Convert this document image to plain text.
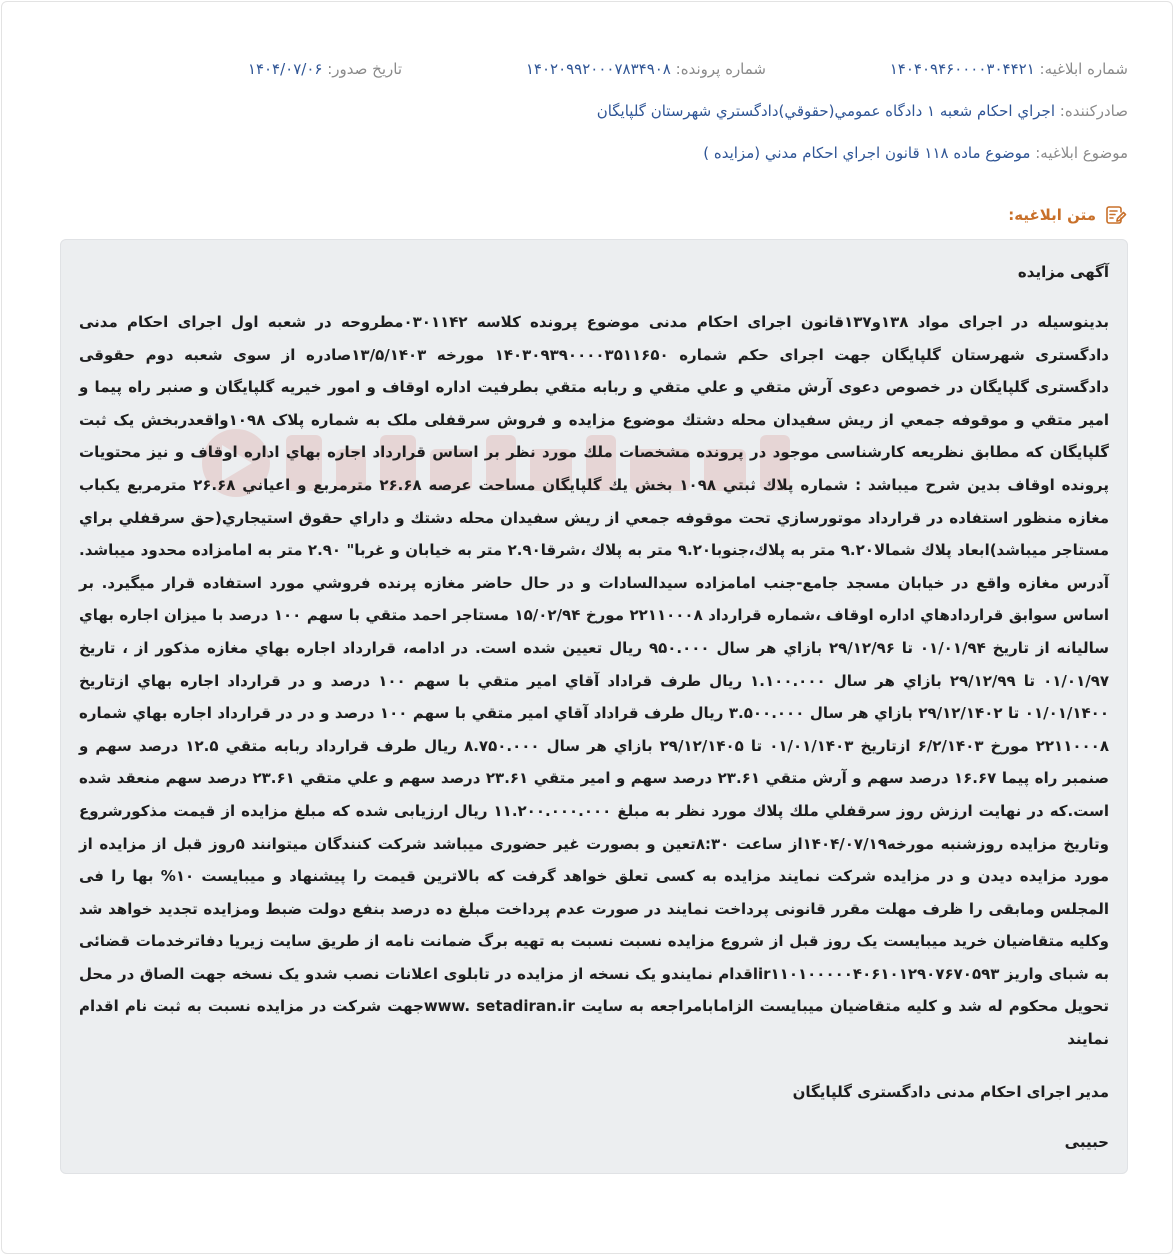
شماره ابلاغیه: ۱۴۰۴۰۹۴۶۰۰۰۰۳۰۴۴۲۱
شماره پرونده: ۱۴۰۲۰۹۹۲۰۰۰۷۸۳۴۹۰۸
تاریخ صدور: ۱۴۰۴/۰۷/۰۶
صادرکننده: اجراي احكام شعبه ۱ دادگاه عمومي(حقوقي)دادگستري شهرستان گلپايگان
موضوع ابلاغیه: موضوع ماده ۱۱۸ قانون اجراي احكام مدني (مزايده )
متن ابلاغیه:

آگهی مزایده

بدینوسیله در اجرای مواد ۱۳۸و۱۳۷قانون اجرای احکام مدنی موضوع پرونده کلاسه ۰۳۰۱۱۴۲مطروحه در شعبه اول اجرای احکام مدنی دادگستری شهرستان گلپایگان جهت اجرای حکم شماره ۱۴۰۳۰۹۳۹۰۰۰۰۳۵۱۱۶۵۰ مورخه ۱۳/۵/۱۴۰۳صادره از سوی شعبه دوم حقوقی دادگستری گلپایگان در خصوص دعوی آرش متقي و علي متقي و ربابه متقي بطرفيت اداره اوقاف و امور خيريه گلپايگان و صنبر راه پيما و امير متقي و موقوفه جمعي از ريش سفيدان محله دشتك موضوع مزایده و فروش سرقفلی ملک به شماره پلاک ۱۰۹۸واقعدربخش یک ثبت گلپایگان که مطابق نظریعه کارشناسی موجود در پرونده مشخصات ملك مورد نظر بر اساس قرارداد اجاره بهاي اداره اوقاف و نيز محتويات پرونده اوقاف بدين شرح ميباشد : شماره پلاك ثبتي ۱۰۹۸ بخش يك گلپايگان مساحت عرصه ۲۶.۶۸ مترمربع و اعياني ۲۶.۶۸ مترمربع يكباب مغازه منظور استفاده در قرارداد موتورسازي تحت موقوفه جمعي از ريش سفيدان محله دشتك و داراي حقوق استيجاري(حق سرقفلي براي مستاجر ميباشد)ابعاد پلاك شمالا۹.۲۰ متر به پلاك،جنوبا۹.۲۰ متر به پلاك ،شرقا۲.۹۰ متر به خيابان و غربا" ۲.۹۰ متر به امامزاده محدود ميباشد. آدرس مغازه واقع در خيابان مسجد جامع-جنب امامزاده سيدالسادات و در حال حاضر مغازه پرنده فروشي مورد استفاده قرار ميگيرد. بر اساس سوابق قراردادهاي اداره اوقاف ،شماره قرارداد ۲۲۱۱۰۰۰۸ مورخ ۱۵/۰۲/۹۴ مستاجر احمد متقي با سهم ۱۰۰ درصد با ميزان اجاره بهاي ساليانه از تاريخ ۰۱/۰۱/۹۴ تا ۲۹/۱۲/۹۶ بازاي هر سال ۹۵۰.۰۰۰ ريال تعيين شده است. در ادامه، قرارداد اجاره بهاي مغازه مذكور از ، تاريخ ۰۱/۰۱/۹۷ تا ۲۹/۱۲/۹۹ بازاي هر سال ۱.۱۰۰.۰۰۰ ريال طرف قراداد آقاي امير متقي با سهم ۱۰۰ درصد و در قرارداد اجاره بهاي ازتاريخ ۰۱/۰۱/۱۴۰۰ تا ۲۹/۱۲/۱۴۰۲ بازاي هر سال ۳.۵۰۰.۰۰۰ ريال طرف قراداد آقاي امير متقي با سهم ۱۰۰ درصد و در در قرارداد اجاره بهاي شماره ۲۲۱۱۰۰۰۸ مورخ ۶/۲/۱۴۰۳ ازتاريخ ۰۱/۰۱/۱۴۰۳ تا ۲۹/۱۲/۱۴۰۵ بازاي هر سال ۸.۷۵۰.۰۰۰ ريال طرف قرارداد ربابه متقي ۱۲.۵ درصد سهم و صنمبر راه پيما ۱۶.۶۷ درصد سهم و آرش متقي ۲۳.۶۱ درصد سهم و امير متقي ۲۳.۶۱ درصد سهم و علي متقي ۲۳.۶۱ درصد سهم منعقد شده است.كه در نهايت ارزش روز سرقفلي ملك پلاك مورد نظر به مبلغ ۱۱.۲۰۰.۰۰۰.۰۰۰ ریال ارزیابی شده که مبلغ مزایده از قیمت مذکورشروع وتاریخ مزایده روزشنبه مورخه۱۴۰۴/۰۷/۱۹از ساعت ۸:۳۰تعین و بصورت غیر حضوری میباشد شرکت کنندگان میتوانند ۵روز قبل از مزایده از مورد مزایده دیدن و در مزایده شرکت نمایند مزایده به کسی تعلق خواهد گرفت که بالاترین قیمت را پیشنهاد و میبایست ۱۰% بها را فی المجلس ومابقی را ظرف مهلت مقرر قانونی پرداخت نمایند در صورت عدم پرداخت مبلغ ده درصد بنفع دولت ضبط ومزایده تجدید خواهد شد وکلیه متقاضیان خرید میبایست یک روز قبل از شروع مزایده نسبت نسبت به تهیه برگ ضمانت نامه از طریق سایت زیریا دفاترخدمات قضائی به شبای واریز ir۱۱۰۱۰۰۰۰۰۴۰۶۱۰۱۲۹۰۷۶۷۰۵۹۳اقدام نمایندو یک نسخه از مزایده در تابلوی اعلانات نصب شدو یک نسخه جهت الصاق در محل تحویل محکوم له شد و کلیه متقاضیان میبایست الزامابامراجعه به سایت www. setadiran.irجهت شرکت در مزایده نسبت به ثبت نام اقدام نمایند

مدیر اجرای احکام مدنی دادگستری گلپایگان

حبیبی
